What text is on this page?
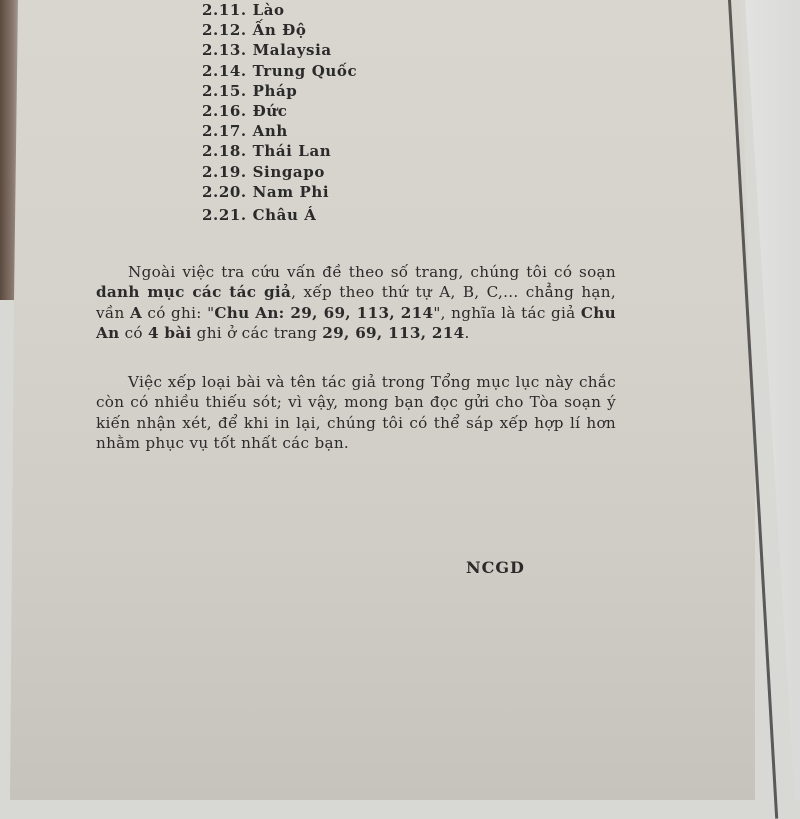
2.11. Lào
2.12. Ấn Độ
2.13. Malaysia
2.14. Trung Quốc
2.15. Pháp
2.16. Đức
2.17. Anh
2.18. Thái Lan
2.19. Singapo
2.20. Nam Phi
2.21. Châu Á
Ngoài việc tra cứu vấn đề theo số trang, chúng tôi có soạn danh mục các tác giả, xếp theo thứ tự A, B, C,... chẳng hạn, vần A có ghi: "Chu An: 29, 69, 113, 214", nghĩa là tác giả Chu An có 4 bài ghi ở các trang 29, 69, 113, 214.
Việc xếp loại bài và tên tác giả trong Tổng mục lục này chắc còn có nhiều thiếu sót; vì vậy, mong bạn đọc gửi cho Tòa soạn ý kiến nhận xét, để khi in lại, chúng tôi có thể sáp xếp hợp lí hơn nhằm phục vụ tốt nhất các bạn.
NCGD
